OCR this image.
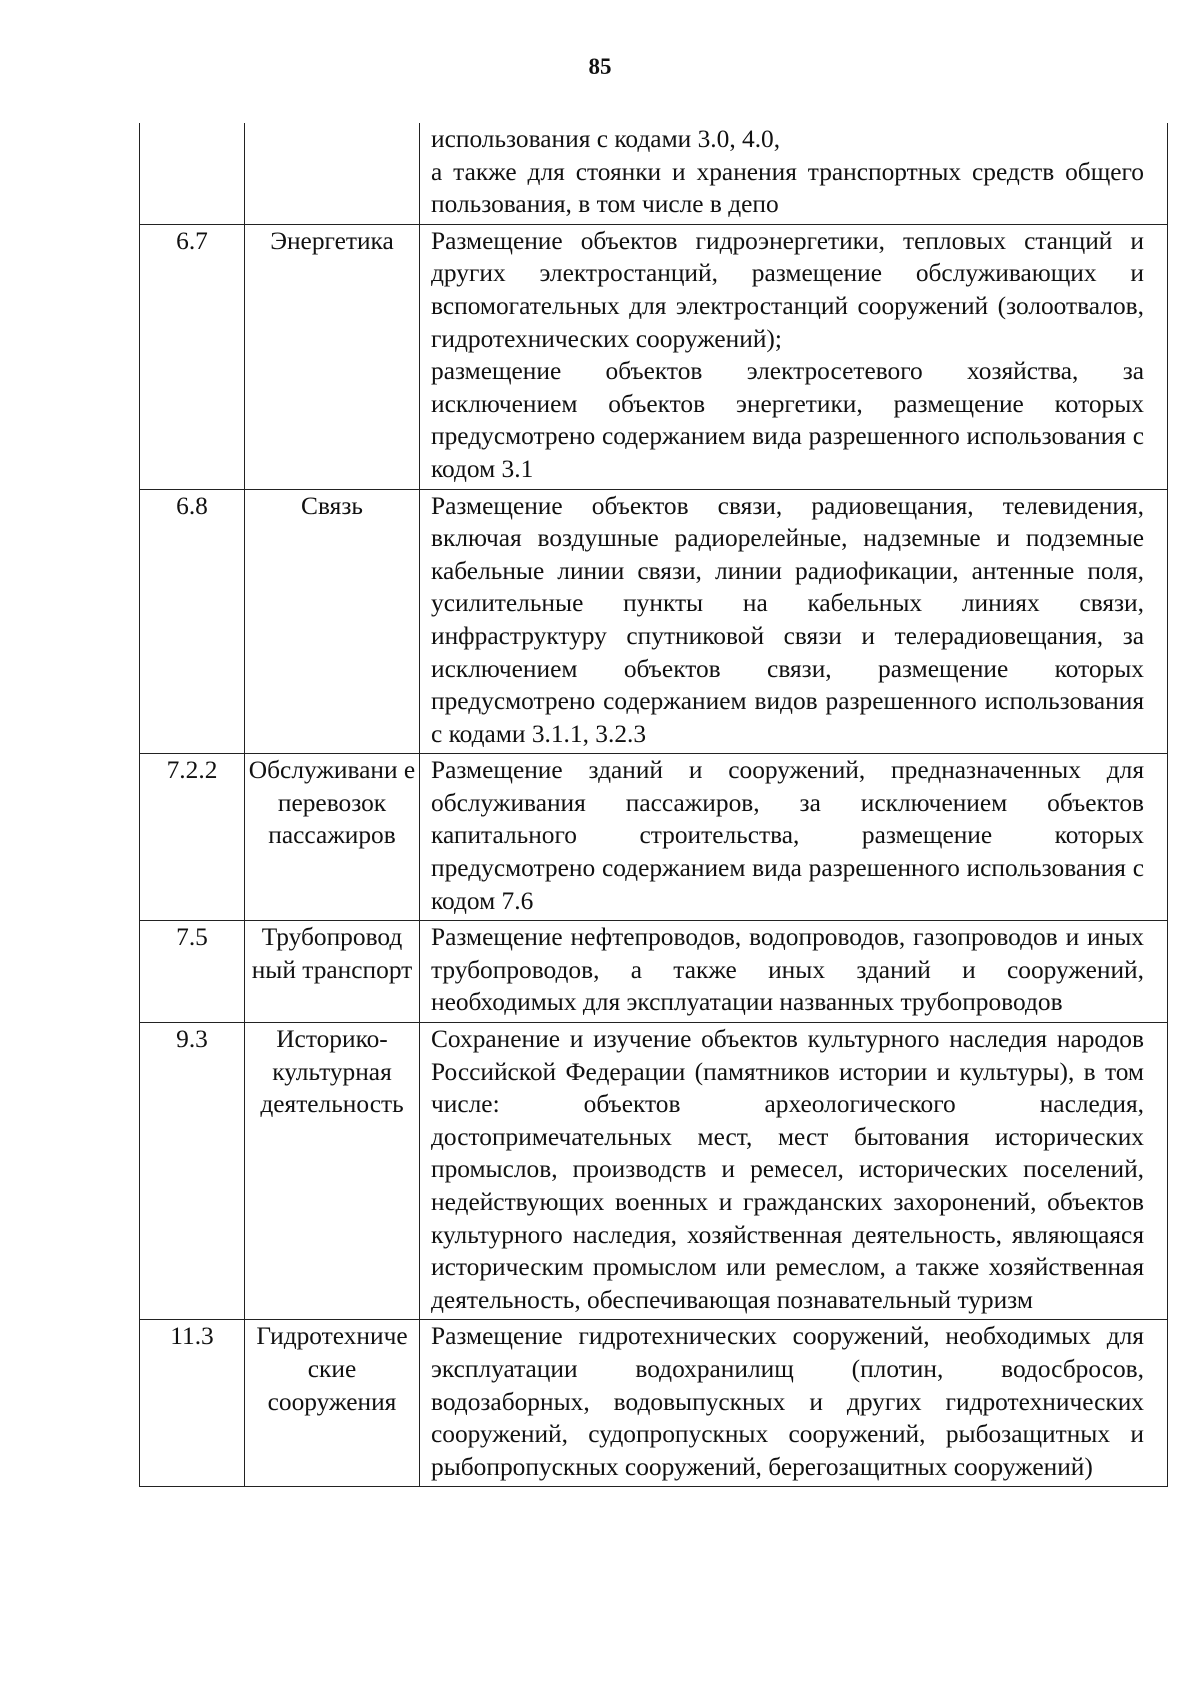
85

		использования с кодами 3.0, 4.0,
а также для стоянки и хранения транспортных средств общего пользования, в том числе в депо

6.7	Энергетика	Размещение объектов гидроэнергетики, тепловых станций и других электростанций, размещение обслуживающих и вспомогательных для электростанций сооружений (золоотвалов, гидротехнических сооружений);
размещение объектов электросетевого хозяйства, за исключением объектов энергетики, размещение которых предусмотрено содержанием вида разрешенного использования с кодом 3.1

6.8	Связь	Размещение объектов связи, радиовещания, телевидения, включая воздушные радиорелейные, надземные и подземные кабельные линии связи, линии радиофикации, антенные поля, усилительные пункты на кабельных линиях связи, инфраструктуру спутниковой связи и телерадиовещания, за исключением объектов связи, размещение которых предусмотрено содержанием видов разрешенного использования с кодами 3.1.1, 3.2.3

7.2.2	Обслуживани е перевозок пассажиров	Размещение зданий и сооружений, предназначенных для обслуживания пассажиров, за исключением объектов капитального строительства, размещение которых предусмотрено содержанием вида разрешенного использования с кодом 7.6

7.5	Трубопровод ный транспорт	Размещение нефтепроводов, водопроводов, газопроводов и иных трубопроводов, а также иных зданий и сооружений, необходимых для эксплуатации названных трубопроводов

9.3	Историко-культурная деятельность	Сохранение и изучение объектов культурного наследия народов Российской Федерации (памятников истории и культуры), в том числе: объектов археологического наследия, достопримечательных мест, мест бытования исторических промыслов, производств и ремесел, исторических поселений, недействующих военных и гражданских захоронений, объектов культурного наследия, хозяйственная деятельность, являющаяся историческим промыслом или ремеслом, а также хозяйственная деятельность, обеспечивающая познавательный туризм

11.3	Гидротехниче ские сооружения	Размещение гидротехнических сооружений, необходимых для эксплуатации водохранилищ (плотин, водосбросов, водозаборных, водовыпускных и других гидротехнических сооружений, судопропускных сооружений, рыбозащитных и рыбопропускных сооружений, берегозащитных сооружений)
